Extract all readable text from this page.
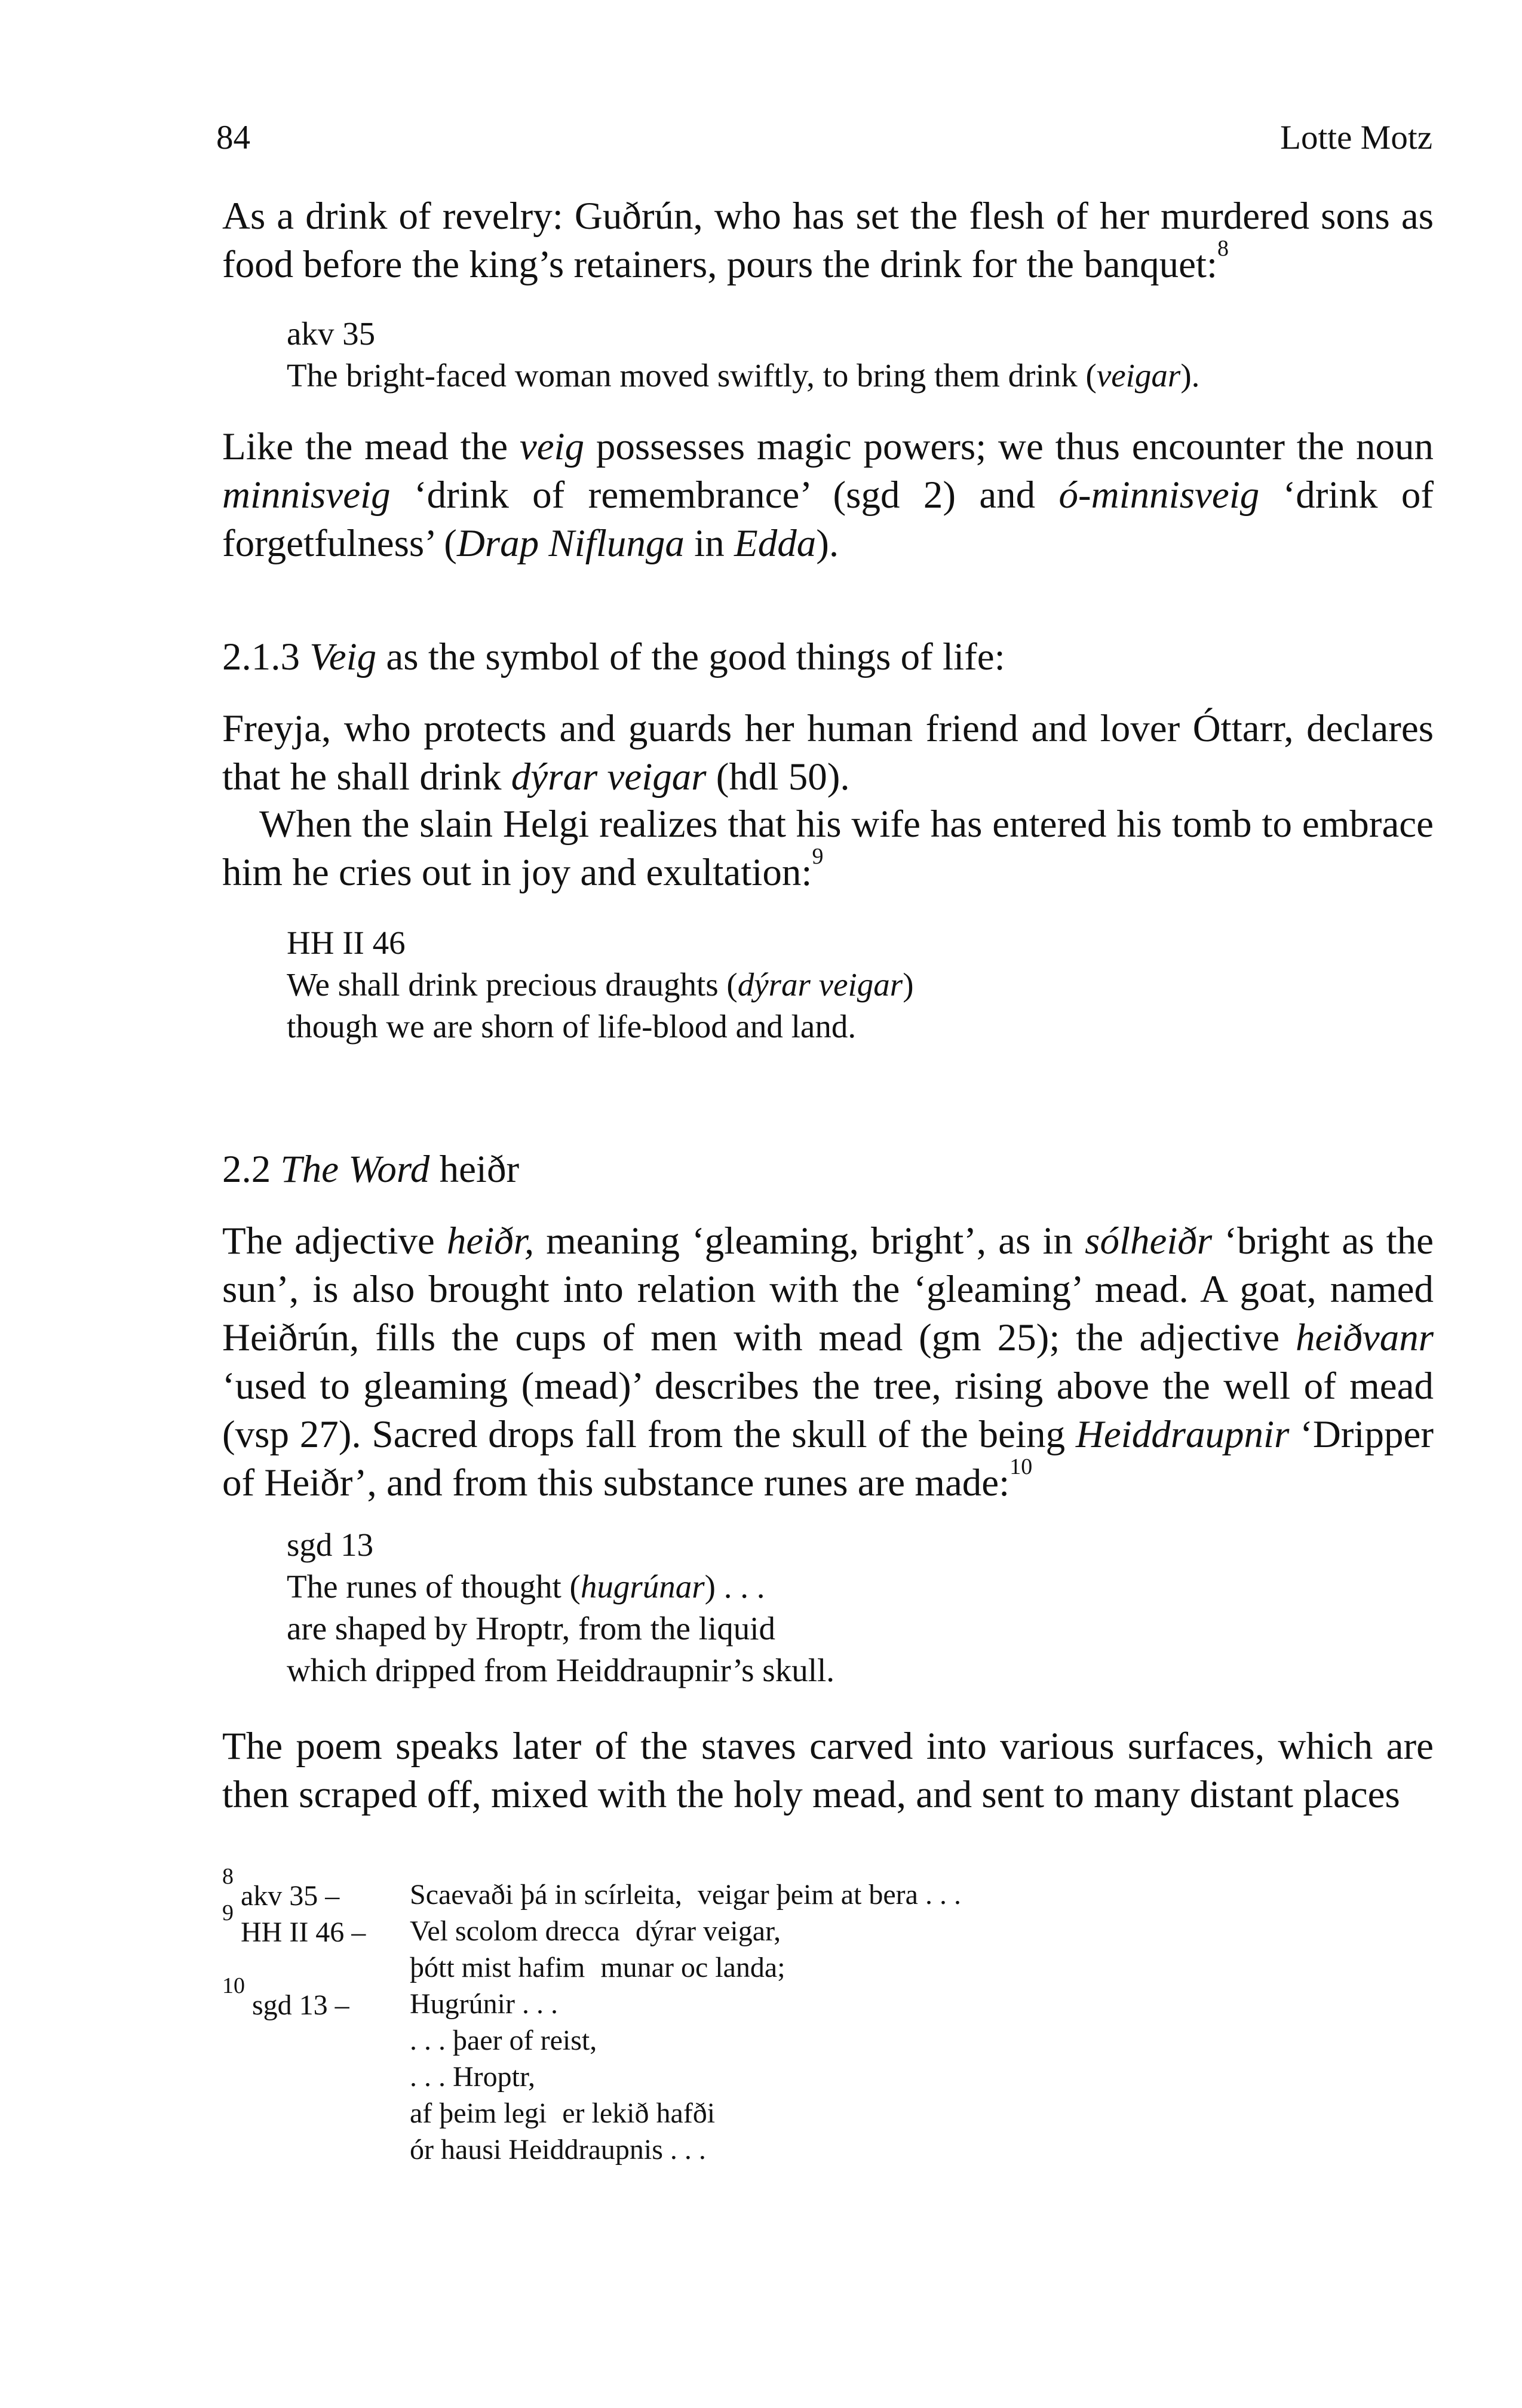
84	Lotte Motz
As a drink of revelry: Guðrún, who has set the flesh of her murdered sons as food before the king’s retainers, pours the drink for the banquet:$^8$
akv 35
The bright-faced woman moved swiftly, to bring them drink (veigar).
Like the mead the veig possesses magic powers; we thus encounter the noun minnisveig ‘drink of remembrance’ (sgd 2) and ó-minnisveig ‘drink of forgetfulness’ (Drap Niflunga in Edda).
2.1.3 Veig as the symbol of the good things of life:
Freyja, who protects and guards her human friend and lover Óttarr, declares that he shall drink dýrar veigar (hdl 50).
When the slain Helgi realizes that his wife has entered his tomb to embrace him he cries out in joy and exultation:$^9$
HH II 46
We shall drink precious draughts (dýrar veigar)
though we are shorn of life-blood and land.
2.2 The Word heiðr
The adjective heiðr, meaning ‘gleaming, bright’, as in sólheiðr ‘bright as the sun’, is also brought into relation with the ‘gleaming’ mead. A goat, named Heiðrún, fills the cups of men with mead (gm 25); the adjective heiðvanr ‘used to gleaming (mead)’ describes the tree, rising above the well of mead (vsp 27). Sacred drops fall from the skull of the being Heiddraupnir ‘Dripper of Heiðr’, and from this substance runes are made:$^{10}$
sgd 13
The runes of thought (hugrúnar) . . .
are shaped by Hroptr, from the liquid
which dripped from Heiddraupnir’s skull.
The poem speaks later of the staves carved into various surfaces, which are then scraped off, mixed with the holy mead, and sent to many distant places
$^8$ akv 35 – Scaevaði þá in scírleita, veigar þeim at bera . . .
$^9$ HH II 46 – Vel scolom drecca dýrar veigar,
þótt mist hafim munar oc landa;
$^{10}$ sgd 13 – Hugrúnir . . .
. . . þaer of reist,
. . . Hroptr,
af þeim legi er lekið hafði
ór hausi Heiddraupnis . . .
